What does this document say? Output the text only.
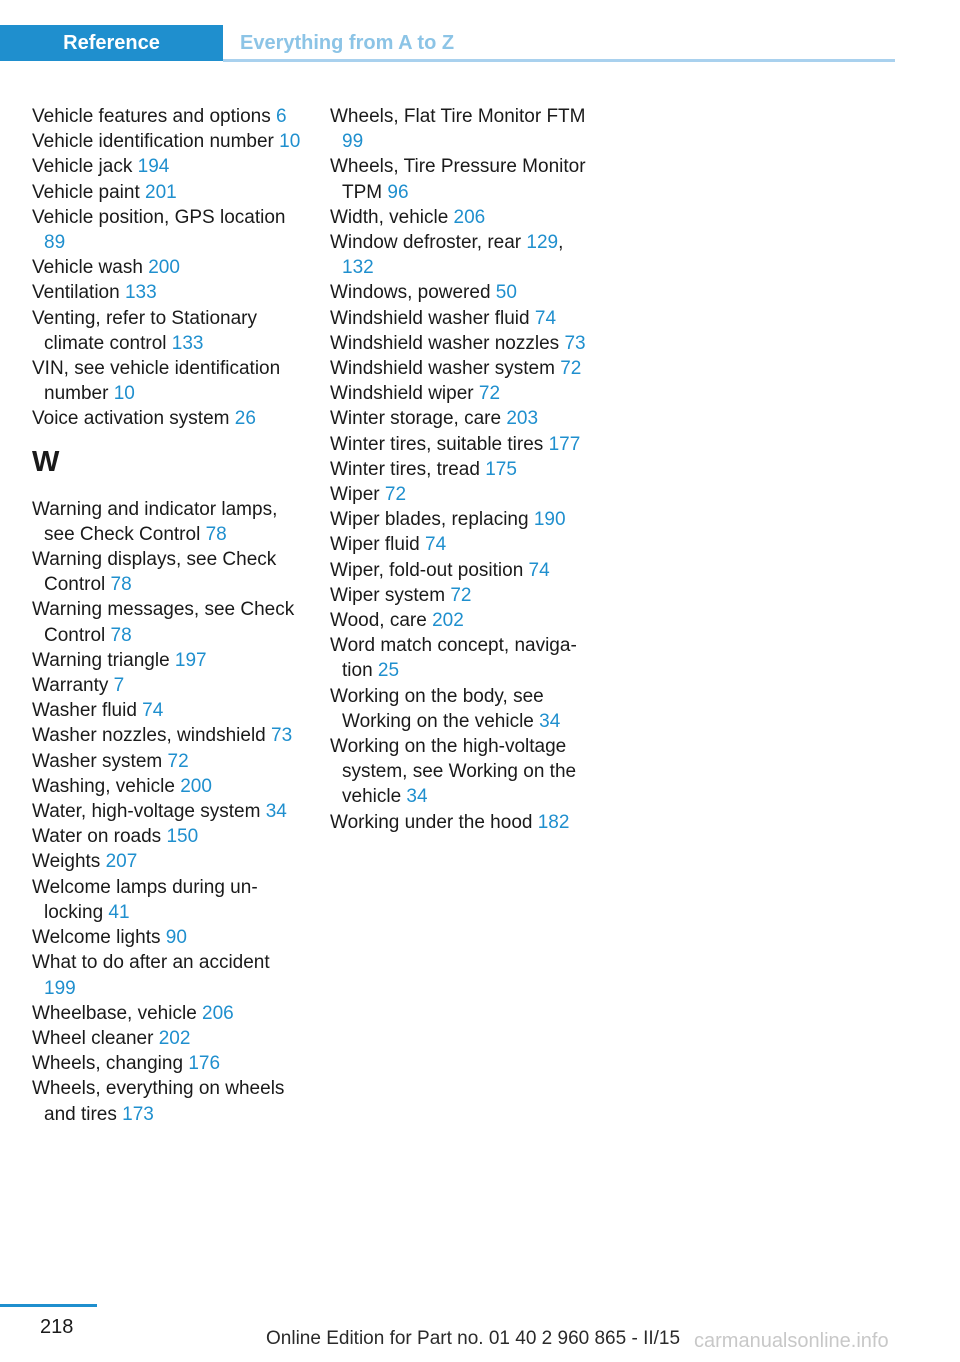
Reference	Everything from A to Z

Vehicle features and options 6

Vehicle identification number 10

Vehicle jack 194

Vehicle paint 201

Vehicle position, GPS location 89

Vehicle wash 200

Ventilation 133

Venting, refer to Stationary climate control 133

VIN, see vehicle identification number 10

Voice activation system 26

W

Warning and indicator lamps, see Check Control 78

Warning displays, see Check Control 78

Warning messages, see Check Control 78

Warning triangle 197

Warranty 7

Washer fluid 74

Washer nozzles, windshield 73

Washer system 72

Washing, vehicle 200

Water, high-voltage system 34

Water on roads 150

Weights 207

Welcome lamps during unlocking 41

Welcome lights 90

What to do after an accident 199

Wheelbase, vehicle 206

Wheel cleaner 202

Wheels, changing 176

Wheels, everything on wheels and tires 173

Wheels, Flat Tire Monitor FTM 99

Wheels, Tire Pressure Monitor TPM 96

Width, vehicle 206

Window defroster, rear 129, 132

Windows, powered 50

Windshield washer fluid 74

Windshield washer nozzles 73

Windshield washer system 72

Windshield wiper 72

Winter storage, care 203

Winter tires, suitable tires 177

Winter tires, tread 175

Wiper 72

Wiper blades, replacing 190

Wiper fluid 74

Wiper, fold-out position 74

Wiper system 72

Wood, care 202

Word match concept, navigation 25

Working on the body, see Working on the vehicle 34

Working on the high-voltage system, see Working on the vehicle 34

Working under the hood 182

218
Online Edition for Part no. 01 40 2 960 865 - II/15 carmanualsonline.info
